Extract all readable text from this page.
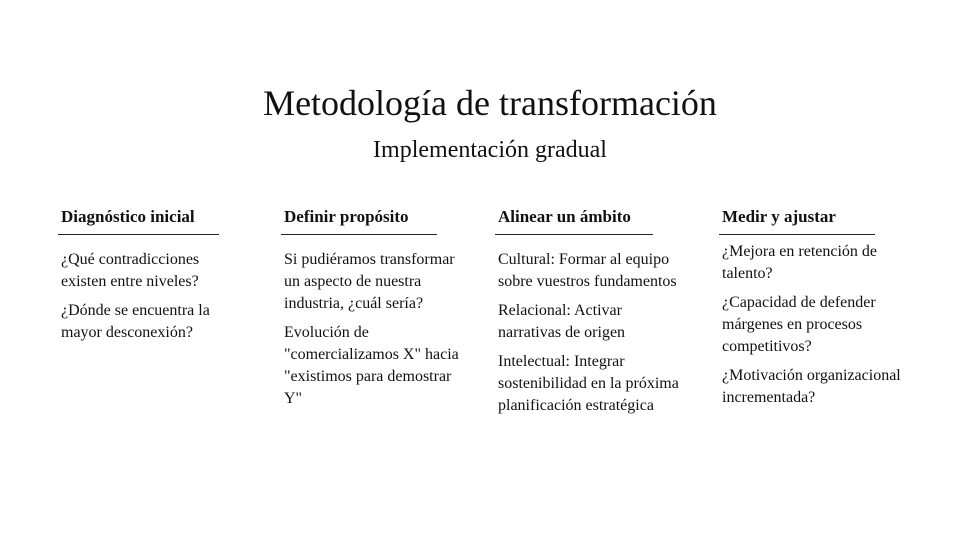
Metodología de transformación
Implementación gradual
Diagnóstico inicial
¿Qué contradicciones existen entre niveles?
¿Dónde se encuentra la mayor desconexión?
Definir propósito
Si pudiéramos transformar un aspecto de nuestra industria, ¿cuál sería?
Evolución de "comercializamos X" hacia "existimos para demostrar Y"
Alinear un ámbito
Cultural: Formar al equipo sobre vuestros fundamentos
Relacional: Activar narrativas de origen
Intelectual: Integrar sostenibilidad en la próxima planificación estratégica
Medir y ajustar
¿Mejora en retención de talento?
¿Capacidad de defender márgenes en procesos competitivos?
¿Motivación organizacional incrementada?
